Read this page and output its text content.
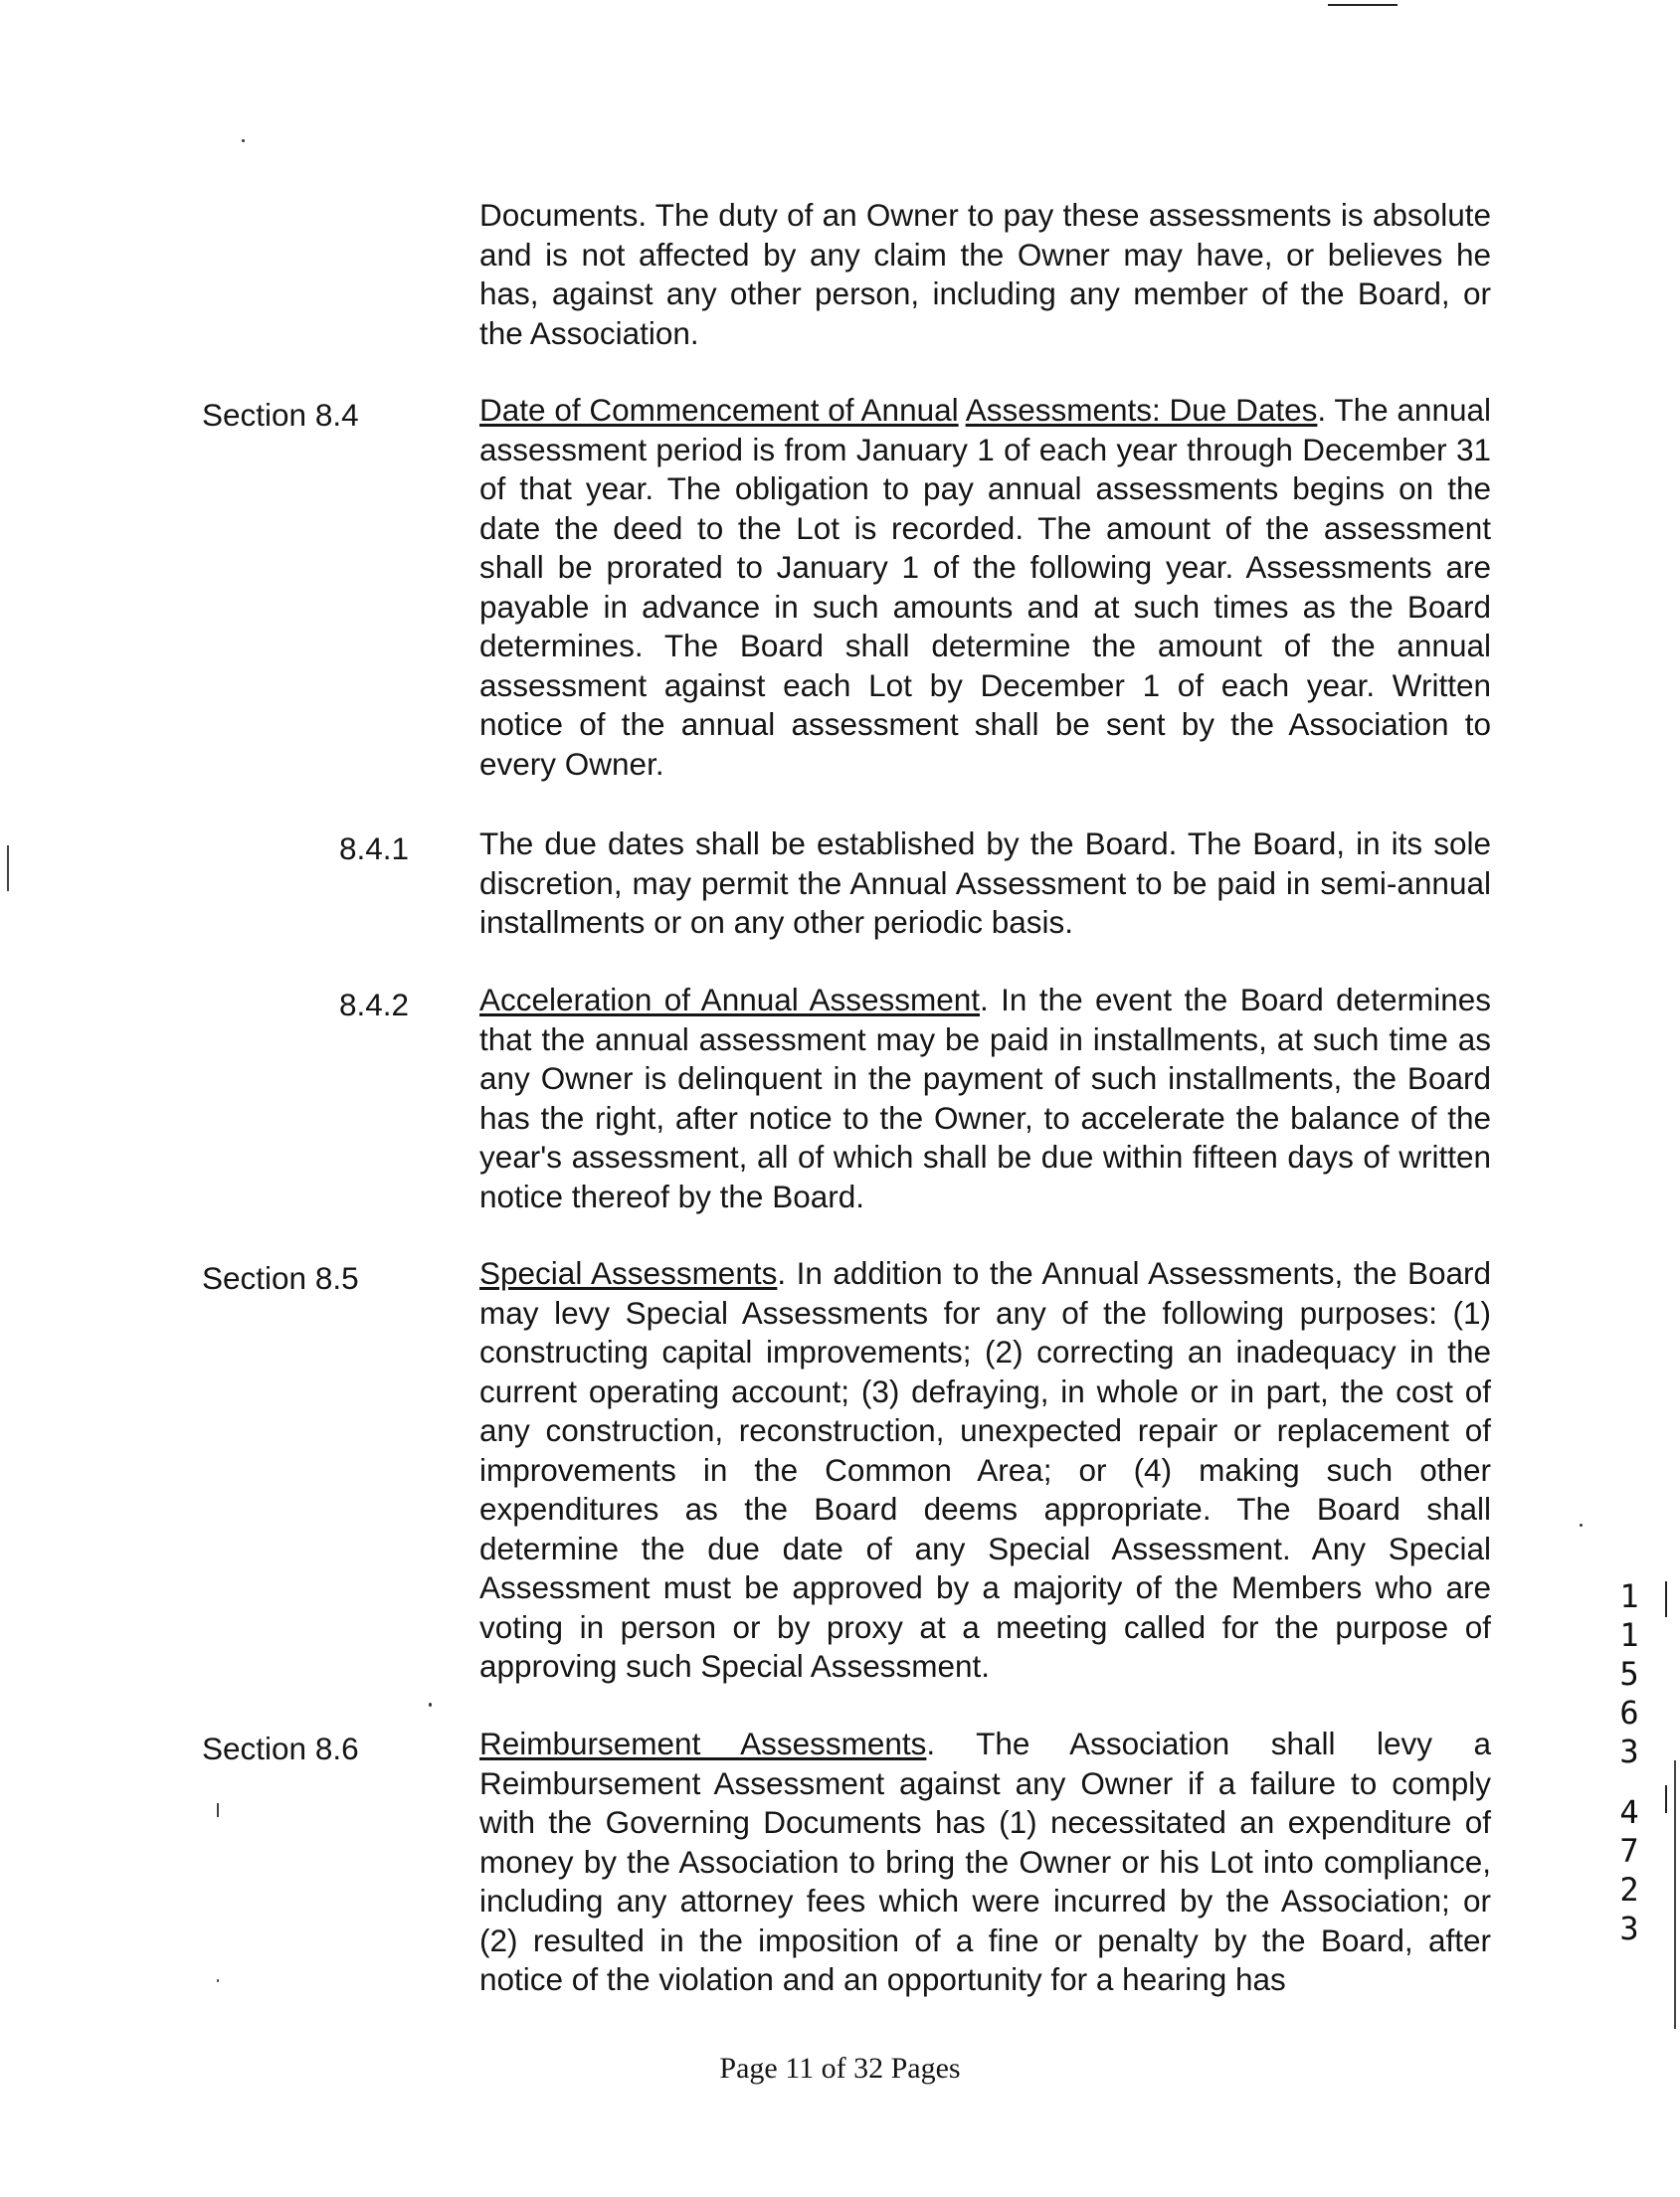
Documents. The duty of an Owner to pay these assessments is absolute and is not affected by any claim the Owner may have, or believes he has, against any other person, including any member of the Board, or the Association.

Section 8.4	Date of Commencement of Annual Assessments: Due Dates. The annual assessment period is from January 1 of each year through December 31 of that year. The obligation to pay annual assessments begins on the date the deed to the Lot is recorded. The amount of the assessment shall be prorated to January 1 of the following year. Assessments are payable in advance in such amounts and at such times as the Board determines. The Board shall determine the amount of the annual assessment against each Lot by December 1 of each year. Written notice of the annual assessment shall be sent by the Association to every Owner.

8.4.1 The due dates shall be established by the Board. The Board, in its sole discretion, may permit the Annual Assessment to be paid in semi-annual installments or on any other periodic basis.

8.4.2 Acceleration of Annual Assessment. In the event the Board determines that the annual assessment may be paid in installments, at such time as any Owner is delinquent in the payment of such installments, the Board has the right, after notice to the Owner, to accelerate the balance of the year's assessment, all of which shall be due within fifteen days of written notice thereof by the Board.

Section 8.5	Special Assessments. In addition to the Annual Assessments, the Board may levy Special Assessments for any of the following purposes: (1) constructing capital improvements; (2) correcting an inadequacy in the current operating account; (3) defraying, in whole or in part, the cost of any construction, reconstruction, unexpected repair or replacement of improvements in the Common Area; or (4) making such other expenditures as the Board deems appropriate. The Board shall determine the due date of any Special Assessment. Any Special Assessment must be approved by a majority of the Members who are voting in person or by proxy at a meeting called for the purpose of approving such Special Assessment.

Section 8.6	Reimbursement Assessments. The Association shall levy a Reimbursement Assessment against any Owner if a failure to comply with the Governing Documents has (1) necessitated an expenditure of money by the Association to bring the Owner or his Lot into compliance, including any attorney fees which were incurred by the Association; or (2) resulted in the imposition of a fine or penalty by the Board, after notice of the violation and an opportunity for a hearing has

Page 11 of 32 Pages
1
1
5
6
3
4
7
2
3
